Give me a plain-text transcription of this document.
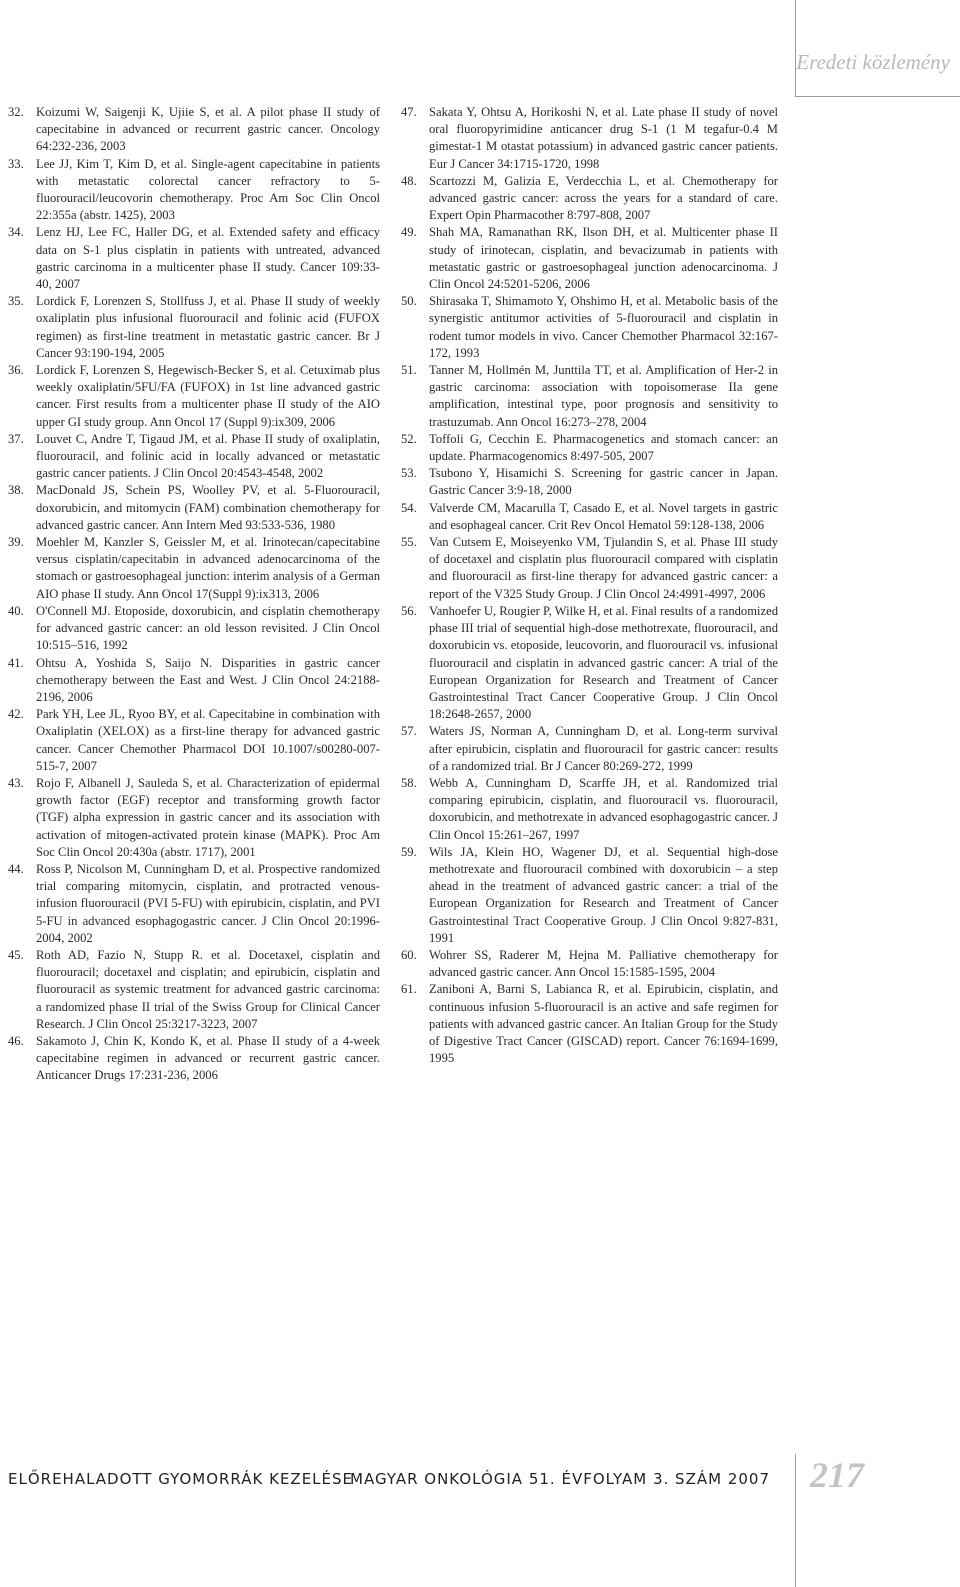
Eredeti közlemény
32. Koizumi W, Saigenji K, Ujiie S, et al. A pilot phase II study of capecitabine in advanced or recurrent gastric cancer. Oncology 64:232-236, 2003
33. Lee JJ, Kim T, Kim D, et al. Single-agent capecitabine in patients with metastatic colorectal cancer refractory to 5-fluorouracil/leucovorin chemotherapy. Proc Am Soc Clin Oncol 22:355a (abstr. 1425), 2003
34. Lenz HJ, Lee FC, Haller DG, et al. Extended safety and efficacy data on S-1 plus cisplatin in patients with untreated, advanced gastric carcinoma in a multicenter phase II study. Cancer 109:33-40, 2007
35. Lordick F, Lorenzen S, Stollfuss J, et al. Phase II study of weekly oxaliplatin plus infusional fluorouracil and folinic acid (FUFOX regimen) as first-line treatment in metastatic gastric cancer. Br J Cancer 93:190-194, 2005
36. Lordick F, Lorenzen S, Hegewisch-Becker S, et al. Cetuximab plus weekly oxaliplatin/5FU/FA (FUFOX) in 1st line advanced gastric cancer. First results from a multicenter phase II study of the AIO upper GI study group. Ann Oncol 17 (Suppl 9):ix309, 2006
37. Louvet C, Andre T, Tigaud JM, et al. Phase II study of oxaliplatin, fluorouracil, and folinic acid in locally advanced or metastatic gastric cancer patients. J Clin Oncol 20:4543-4548, 2002
38. MacDonald JS, Schein PS, Woolley PV, et al. 5-Fluorouracil, doxorubicin, and mitomycin (FAM) combination chemotherapy for advanced gastric cancer. Ann Intern Med 93:533-536, 1980
39. Moehler M, Kanzler S, Geissler M, et al. Irinotecan/capecitabine versus cisplatin/capecitabin in advanced adenocarcinoma of the stomach or gastroesophageal junction: interim analysis of a German AIO phase II study. Ann Oncol 17(Suppl 9):ix313, 2006
40. O'Connell MJ. Etoposide, doxorubicin, and cisplatin chemotherapy for advanced gastric cancer: an old lesson revisited. J Clin Oncol 10:515–516, 1992
41. Ohtsu A, Yoshida S, Saijo N. Disparities in gastric cancer chemotherapy between the East and West. J Clin Oncol 24:2188-2196, 2006
42. Park YH, Lee JL, Ryoo BY, et al. Capecitabine in combination with Oxaliplatin (XELOX) as a first-line therapy for advanced gastric cancer. Cancer Chemother Pharmacol DOI 10.1007/s00280-007-515-7, 2007
43. Rojo F, Albanell J, Sauleda S, et al. Characterization of epidermal growth factor (EGF) receptor and transforming growth factor (TGF) alpha expression in gastric cancer and its association with activation of mitogen-activated protein kinase (MAPK). Proc Am Soc Clin Oncol 20:430a (abstr. 1717), 2001
44. Ross P, Nicolson M, Cunningham D, et al. Prospective randomized trial comparing mitomycin, cisplatin, and protracted venous-infusion fluorouracil (PVI 5-FU) with epirubicin, cisplatin, and PVI 5-FU in advanced esophagogastric cancer. J Clin Oncol 20:1996-2004, 2002
45. Roth AD, Fazio N, Stupp R. et al. Docetaxel, cisplatin and fluorouracil; docetaxel and cisplatin; and epirubicin, cisplatin and fluorouracil as systemic treatment for advanced gastric carcinoma: a randomized phase II trial of the Swiss Group for Clinical Cancer Research. J Clin Oncol 25:3217-3223, 2007
46. Sakamoto J, Chin K, Kondo K, et al. Phase II study of a 4-week capecitabine regimen in advanced or recurrent gastric cancer. Anticancer Drugs 17:231-236, 2006
47. Sakata Y, Ohtsu A, Horikoshi N, et al. Late phase II study of novel oral fluoropyrimidine anticancer drug S-1 (1 M tegafur-0.4 M gimestat-1 M otastat potassium) in advanced gastric cancer patients. Eur J Cancer 34:1715-1720, 1998
48. Scartozzi M, Galizia E, Verdecchia L, et al. Chemotherapy for advanced gastric cancer: across the years for a standard of care. Expert Opin Pharmacother 8:797-808, 2007
49. Shah MA, Ramanathan RK, Ilson DH, et al. Multicenter phase II study of irinotecan, cisplatin, and bevacizumab in patients with metastatic gastric or gastroesophageal junction adenocarcinoma. J Clin Oncol 24:5201-5206, 2006
50. Shirasaka T, Shimamoto Y, Ohshimo H, et al. Metabolic basis of the synergistic antitumor activities of 5-fluorouracil and cisplatin in rodent tumor models in vivo. Cancer Chemother Pharmacol 32:167-172, 1993
51. Tanner M, Hollmén M, Junttila TT, et al. Amplification of Her-2 in gastric carcinoma: association with topoisomerase IIa gene amplification, intestinal type, poor prognosis and sensitivity to trastuzumab. Ann Oncol 16:273–278, 2004
52. Toffoli G, Cecchin E. Pharmacogenetics and stomach cancer: an update. Pharmacogenomics 8:497-505, 2007
53. Tsubono Y, Hisamichi S. Screening for gastric cancer in Japan. Gastric Cancer 3:9-18, 2000
54. Valverde CM, Macarulla T, Casado E, et al. Novel targets in gastric and esophageal cancer. Crit Rev Oncol Hematol 59:128-138, 2006
55. Van Cutsem E, Moiseyenko VM, Tjulandin S, et al. Phase III study of docetaxel and cisplatin plus fluorouracil compared with cisplatin and fluorouracil as first-line therapy for advanced gastric cancer: a report of the V325 Study Group. J Clin Oncol 24:4991-4997, 2006
56. Vanhoefer U, Rougier P, Wilke H, et al. Final results of a randomized phase III trial of sequential high-dose methotrexate, fluorouracil, and doxorubicin vs. etoposide, leucovorin, and fluorouracil vs. infusional fluorouracil and cisplatin in advanced gastric cancer: A trial of the European Organization for Research and Treatment of Cancer Gastrointestinal Tract Cancer Cooperative Group. J Clin Oncol 18:2648-2657, 2000
57. Waters JS, Norman A, Cunningham D, et al. Long-term survival after epirubicin, cisplatin and fluorouracil for gastric cancer: results of a randomized trial. Br J Cancer 80:269-272, 1999
58. Webb A, Cunningham D, Scarffe JH, et al. Randomized trial comparing epirubicin, cisplatin, and fluorouracil vs. fluorouracil, doxorubicin, and methotrexate in advanced esophagogastric cancer. J Clin Oncol 15:261–267, 1997
59. Wils JA, Klein HO, Wagener DJ, et al. Sequential high-dose methotrexate and fluorouracil combined with doxorubicin – a step ahead in the treatment of advanced gastric cancer: a trial of the European Organization for Research and Treatment of Cancer Gastrointestinal Tract Cooperative Group. J Clin Oncol 9:827-831, 1991
60. Wohrer SS, Raderer M, Hejna M. Palliative chemotherapy for advanced gastric cancer. Ann Oncol 15:1585-1595, 2004
61. Zaniboni A, Barni S, Labianca R, et al. Epirubicin, cisplatin, and continuous infusion 5-fluorouracil is an active and safe regimen for patients with advanced gastric cancer. An Italian Group for the Study of Digestive Tract Cancer (GISCAD) report. Cancer 76:1694-1699, 1995
ELŐREHALADOTT GYOMORRÁK KEZELÉSE
MAGYAR ONKOLÓGIA 51. ÉVFOLYAM 3. SZÁM 2007 217
